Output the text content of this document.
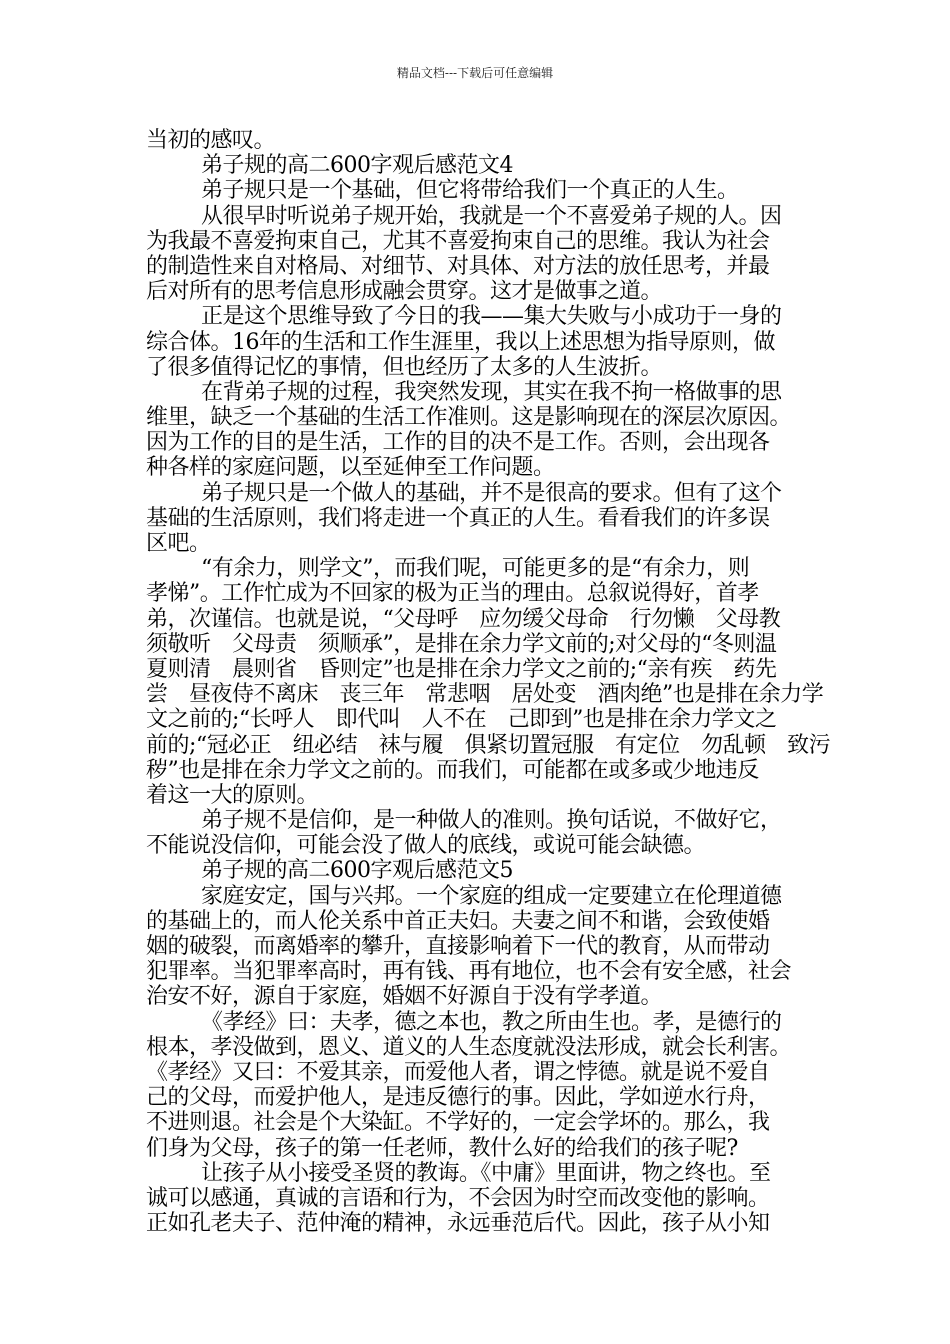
精品文档---下载后可任意编辑

当初的感叹。

弟子规的高二600字观后感范文4

弟子规只是一个基础，但它将带给我们一个真正的人生。

从很早时听说弟子规开始，我就是一个不喜爱弟子规的人。因
为我最不喜爱拘束自己，尤其不喜爱拘束自己的思维。我认为社会
的制造性来自对格局、对细节、对具体、对方法的放任思考，并最
后对所有的思考信息形成融会贯穿。这才是做事之道。

正是这个思维导致了今日的我——集大失败与小成功于一身的
综合体。16年的生活和工作生涯里，我以上述思想为指导原则，做
了很多值得记忆的事情，但也经历了太多的人生波折。

在背弟子规的过程，我突然发现，其实在我不拘一格做事的思
维里，缺乏一个基础的生活工作准则。这是影响现在的深层次原因。
因为工作的目的是生活，工作的目的决不是工作。否则，会出现各
种各样的家庭问题，以至延伸至工作问题。

弟子规只是一个做人的基础，并不是很高的要求。但有了这个
基础的生活原则，我们将走进一个真正的人生。看看我们的许多误
区吧。

“有余力，则学文”，而我们呢，可能更多的是“有余力，则
孝悌”。工作忙成为不回家的极为正当的理由。总叙说得好，首孝
弟，次谨信。也就是说，“父母呼　应勿缓父母命　行勿懒　父母教
须敬听　父母责　须顺承”，是排在余力学文前的;对父母的“冬则温
夏则清　晨则省　昏则定”也是排在余力学文之前的;“亲有疾　药先
尝　昼夜侍不离床　丧三年　常悲咽　居处变　酒肉绝”也是排在余力学
文之前的;“长呼人　即代叫　人不在　己即到”也是排在余力学文之
前的;“冠必正　纽必结　袜与履　俱紧切置冠服　有定位　勿乱顿　致污
秽”也是排在余力学文之前的。而我们，可能都在或多或少地违反
着这一大的原则。

弟子规不是信仰，是一种做人的准则。换句话说，不做好它，
不能说没信仰，可能会没了做人的底线，或说可能会缺德。

弟子规的高二600字观后感范文5

家庭安定，国与兴邦。一个家庭的组成一定要建立在伦理道德
的基础上的，而人伦关系中首正夫妇。夫妻之间不和谐，会致使婚
姻的破裂，而离婚率的攀升，直接影响着下一代的教育，从而带动
犯罪率。当犯罪率高时，再有钱、再有地位，也不会有安全感，社会
治安不好，源自于家庭，婚姻不好源自于没有学孝道。

《孝经》曰：夫孝，德之本也，教之所由生也。孝，是德行的
根本，孝没做到，恩义、道义的人生态度就没法形成，就会长利害。
《孝经》又曰：不爱其亲，而爱他人者，谓之悖德。就是说不爱自
己的父母，而爱护他人，是违反德行的事。因此，学如逆水行舟，
不进则退。社会是个大染缸。不学好的，一定会学坏的。那么，我
们身为父母，孩子的第一任老师，教什么好的给我们的孩子呢?

让孩子从小接受圣贤的教诲。《中庸》里面讲，物之终也。至
诚可以感通，真诚的言语和行为，不会因为时空而改变他的影响。
正如孔老夫子、范仲淹的精神，永远垂范后代。因此，孩子从小知
